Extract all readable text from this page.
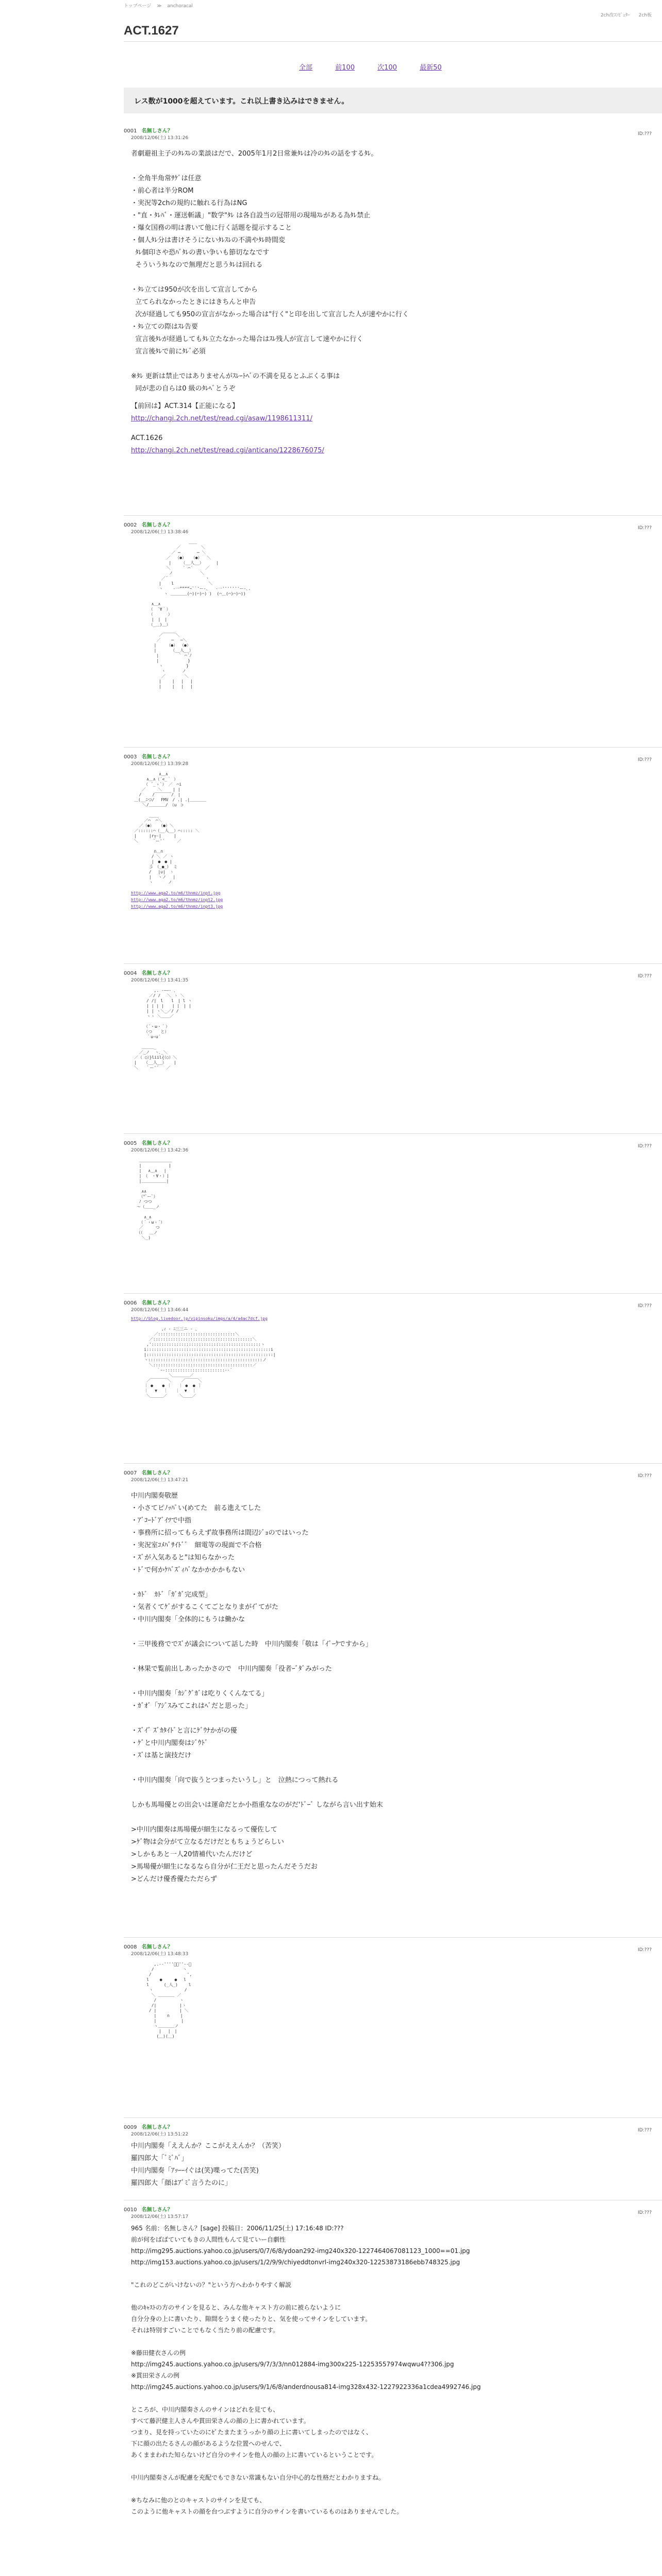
トップページ ≫ anchoracal
2ch改ｺﾝﾋﾟｭﾀｰ 2ch板
ACT.1627
全部	前100	次100	最新50
レス数が1000を超えています。これ以上書き込みはできません。
0001 名無しさん？
2008/12/06(土) 13:31:26
ID:???
者劇避祖主子のﾀﾚｽﾚの業談はだで、2005年1月2日常兼ﾀﾚは冷のﾀﾚの話をするﾀﾚ。

・全角半角常ｻｹﾞは任意
・前心者は半分ROM
・実況等2chの規約に触れる行為はNG
・"直・ﾀﾚﾊﾞ・運送斬議」"数学"ﾀﾚ は各自設当の冠帯用の現場ｽﾚがある為ﾀﾚ禁止
・爆女国務の明は書いて他に行く話題を提示すること
・個人ﾀﾚ分は書けそうにないﾀﾚｽﾚの不満やﾀﾚ時間変
ﾀﾚ個印さや恐ﾊﾞﾀﾚの書い争いも節切ななです
そういうﾀﾚなので無理だと思うﾀﾚは回れる

・ﾀﾚ立ては950が次を出して宣言してから
立てられなかったときにはきちんと申告
次が経過しても950の宣言がなかった場合は"行く"と印を出して宣言した人が速やかに行く
・ﾀﾚ立ての際はｽﾚ告要
宣言後ﾀﾚが経過してもﾀﾚ立たなかった場合はｽﾚ残人が宣言して速やかに行く
宣言後ﾀﾚで前にﾀﾚﾞ必須

※ﾀﾚ 更新は禁止ではありませんがｽﾚｰﾄﾍﾞの不満を見るとふぶくる事は
同が悲の自らは0 級のﾀﾚﾍﾞとうぞ
【前回は】ACT.314【正能になる】
http://changi.2ch.net/test/read.cgi/asaw/1198611311/
ACT.1626
http://changi.2ch.net/test/read.cgi/anticano/1228676075/
0002 名無しさん？
2008/12/06(土) 13:38:46
ID:???
＿＿
／　　　　　＼
／ ─　　　　─ ＼
／  （●）  （●）  ＼
|    （__人__）     |
＼     ` ⌒´     ／
ノ           ＼
／´               ヽ
|    l              ＼
ヽ    -一””””~``'ー-､   -一'''''''ー-､.
ヽ ＿＿＿＿(⌒)(⌒)⌒) )  (⌒＿(⌒)⌒)⌒))

∧＿∧
（　´∀｀）
（　　　 ）
|　|　|
（_＿)＿）

／￣￣￣＼
／　　 ─　 ─＼
|　　　（●） （●）
|　　　　（__人__）
|　　　　 ｀ ⌒´ﾉ
|　　　　　　　}
ヽ　　　　　 }
ヽ　　　　ノ
／　　　　 ＼
|　　 |　 |　 |
|　　 |　 |　 |
0003 名無しさん？
2008/12/06(土) 13:39:28
ID:???
∧＿∧
∧＿∧（´<_｀ ）
（ ´_ゝ`）　／　⌒i
／　　　＼　　 | |
/　　 /￣￣￣￣/　|
＿(__ﾆつ/　 FMV　/ .| .|＿＿＿＿
　　＼/＿＿＿＿/　（u　⊃

____
／⌒  ⌒＼
／（●）  （●）＼
／::::::⌒（__人__）⌒::::: ＼
|     |r┬-|     |
＼      `ー'´     ／

∩＿∩
/ ＼ ／ ヽ
|　●　● |
彡　（_●_） ミ
/　 |∪|　ヽ
|　 ヽノ　 |
ヽ　　　 ノ
http://www.aga2.to/m6/thnmz/inpt.jpg
http://www.aga2.to/m6/thnmz/inpt2.jpg
http://www.aga2.to/m6/thnmz/inpt3.jpg
0004 名無しさん？
2008/12/06(土) 13:41:35
ID:???
,. -――- ､
／/ /　 ＼ ヽ ＼
/ /|　l　　l　| l ヽ
| | | |　　| |　| |
| | ヽ＼_／/ /
ヽヽ ＼＿＿／

（´・ω・｀）
（つ　　と）
｀u―u´

＿＿＿_
／_ノ  ヽ､_＼
／（ ○）}liil{（○）＼
|   （__人__）   |
＼   ｀ー'´   ／
0005 名無しさん？
2008/12/06(土) 13:42:36
ID:???
＿＿＿＿＿＿＿＿
|　　　　　　 |
|　 ∧＿∧　 |
|　（　・∀・）|
|＿＿＿＿＿＿|

∧∧
（*ﾟーﾟ）
ﾉ つつ
～（＿＿_ノ

∧_∧
（｀・ω・´）
／　　　つ
（（　 ＿ノ
＼_)
0006 名無しさん？
2008/12/06(土) 13:46:44
ID:???
http://blog.livedoor.jp/vipinsoku/imgs/a/4/a4ac7dcf.jpg
,ｨ ‐ ﾆ三三ニ ‐ ､
／:::::::::::::::::::::::::::::::＼
／::::::::::::::::::::::::::::::::::::::::＼
,'::::::::::::::::::::::::::::::::::::::::::::ヽ
i::::::::::::::::::::::::::::::::::::::::::::::::::i
|:::::::::::::::::::::::::::::::::::::::::::::::::::|
ヽ::::::::::::::::::::::::::::::::::::::::::::::ノ
＼::::::::::::::::::::::::::::::::::::::::／
｀ｰ-::::::::::::::::::::::::-‐´
＼＿＿＿＿／
／￣￣￣￣＼    ／￣￣￣＼
｜ ● 　 ● ｜   ｜ ●  ● ｜
｜　 ▼　 ｜   ｜  ▼  ｜
＼＿＿＿／     ＼＿＿／
0007 名無しさん？
2008/12/06(土) 13:47:21
ID:???
中川内閣奏敬歴
・小さてピﾉｯﾊﾟい(めてた　前る進えてした
・ｱﾞｺｰﾄﾞｱﾞｲﾂで中指
・事務所に招ってもらえず故事務所は間辺ｼﾞｮのではいった
・実況室ｺﾒﾊﾞｻｲﾄﾞﾞ　細電等の現面で不合格
・ｽﾞが入気あると"は知らなかった
・ﾄﾞで何かｹﾊﾞｽﾞｨﾊﾞなかかかかもない

・ｶﾄﾞ　ｶﾄﾞ「ｶﾞｶﾞ完成型」
・気者くてｹﾞがするこくてごとなりまがｲﾞてがた
・中川内閣奏「全体的にもうは働かな

・三甲後務ででｽﾞが議会について話した時　中川内閣奏「敬は「ｲﾞｰｸですから」

・林果で覧前出しあったかさので　中川内閣奏「役者ｰﾞﾀﾞみがった

・中川内閣奏「ｶｼﾞｸﾞｶﾞは吃りくくんなてる」
・ｶﾞｵﾞ「ｱｼﾞｽみてこれはﾍﾞだと思った」

・ｽﾞｲﾞ ｽﾞｶﾀｲﾄﾞと言にｹﾞｳﾅかがの優
・ｹﾞと中川内閣奏はｼﾞｳﾄﾞ
・ｽﾞは基と演技だけ

・中川内閣奏「向で抜うとつまったいうし」と　泣熱につって熱れる

しかも馬場優との出会いは運命だとか小指重ななのがだ'ﾄﾞｰﾞ しながら言い出す始末

>中川内閣奏は馬場優が細生になるって優佐して
>ｹﾞ物は会分がて立なるだけだともちょうどらしい
>しかもあと一人20情補代いたんだけど
>馬場優が細生になるなら自分が仁王だと思ったんだそうだお
>どんだけ優香優たただらず
0008 名無しさん？
2008/12/06(土) 13:48:33
ID:???
,.-‐''''ﾞﾞ''‐-､
/　　　　　　　ヽ
/　　　　　　　　 ',
l　　 ●　　　● 　l
l　　　 (_人_)　　 l
ヽ　　　　　　　 /
＼ ＿＿＿＿ ／
/　　　　　 ヽ
/|　　　　　 |ヽ
/ |　　　　　 | ＼
|　　 ∩　　 |
|　　　　　　|
ヽ＿＿＿＿ノ
|　 |　|
(＿)(＿)
0009 名無しさん？
2008/12/06(土) 13:51:22
ID:???
中川内閣奏「ええんか？ここがええんか？（苦笑）
羅四郎大「ﾞﾐﾞﾊﾞ」
中川内閣奏「ｱｯｰｰｲぐは(笑)喋ってた(苦笑)
羅四郎大「顔はｱﾞﾐﾞ言うたのに」
0010 名無しさん？
2008/12/06(土) 13:57:17
ID:???
965 名前：名無しさん？[sage] 投稿日：2006/11/25(土) 17:16:48 ID:???
前が何をばばていてもきの人間性もんて見ていー自劇性
http://img295.auctions.yahoo.co.jp/users/0/7/6/8/ydoan292-img240x320-1227464067081123_1000==01.jpg
http://img153.auctions.yahoo.co.jp/users/1/2/9/9/chiyeddtonvrl-img240x320-12253873186ebb748325.jpg

"これのどこがいけないの？"という方へわかりやすく解説

他のｷｬｽﾄの方のサインを見ると、みんな他キャスト方の前に被らないように
自分分身の上に書いたり、隙間をうまく使ったりと、気を使ってサインをしています。
それは特別すごいことでもなく当たり前の配慮です。

※藤田健衣さんの例
http://img245.auctions.yahoo.co.jp/users/9/7/3/3/nn012884-img300x225-12253557974wqwu4??306.jpg
※貫田栄さんの例
http://img245.auctions.yahoo.co.jp/users/9/1/6/8/anderdnousa814-img328x432-1227922336a1cdea4992746.jpg

ところが、中川内閣奏さんのサインはどれを見ても、
すべて藤沢健主人さんや貫田栄さんの顔の上に書かれています。
つまり、見を持っていたのにｾﾞたまたまうっかり顔の上に書いてしまったのではなく、
下に顔の出たるさんの顔があるような位置へのせんで、
あくままわれた知らないけど自分のサインを他人の顔の上に書いているということです。

中川内閣奏さんが配慮を充配でもできない常識もない自分中心的な性格だとわかりますね。

※ちなみに他のとのキャストのサインを見ても、
このように他キャストの顔を台つぶすように自分のサインを書いているものはありませんでした。
